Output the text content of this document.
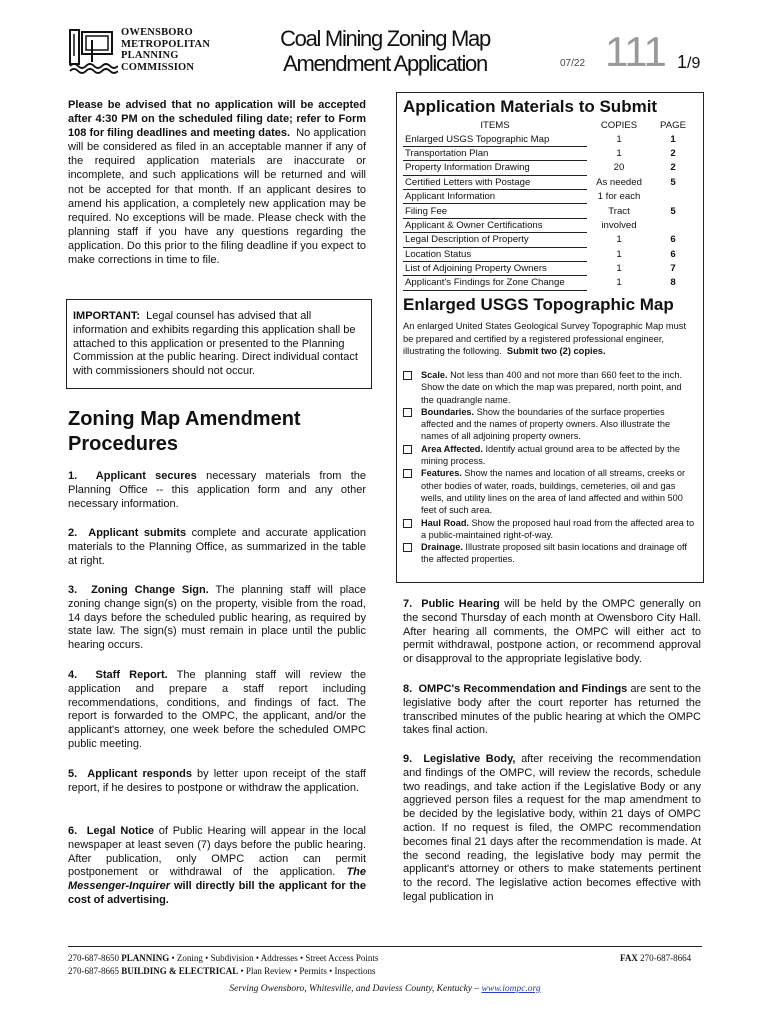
OWENSBORO
METROPOLITAN
PLANNING
COMMISSION
Coal Mining Zoning Map
Amendment Application	07/22 111 1/9
Please be advised that no application will be accepted after 4:30 PM on the scheduled filing date; refer to Form 108 for filing deadlines and meeting dates. No application will be considered as filed in an acceptable manner if any of the required application materials are inaccurate or incomplete, and such applications will be returned and will not be accepted for that month. If an applicant desires to amend his application, a completely new application may be required. No exceptions will be made. Please check with the planning staff if you have any questions regarding the application. Do this prior to the filing deadline if you expect to make corrections in time to file.
IMPORTANT: Legal counsel has advised that all information and exhibits regarding this application shall be attached to this application or presented to the Planning Commission at the public hearing. Direct individual contact with commissioners should not occur.
Zoning Map Amendment
Procedures
1. Applicant secures necessary materials from the Planning Office -- this application form and any other necessary information.
2. Applicant submits complete and accurate application materials to the Planning Office, as summarized in the table at right.
3. Zoning Change Sign. The planning staff will place zoning change sign(s) on the property, visible from the road, 14 days before the scheduled public hearing, as required by state law. The sign(s) must remain in place until the public hearing occurs.
4. Staff Report. The planning staff will review the application and prepare a staff report including recommendations, conditions, and findings of fact. The report is forwarded to the OMPC, the applicant, and/or the applicant's attorney, one week before the scheduled OMPC public meeting.
5. Applicant responds by letter upon receipt of the staff report, if he desires to postpone or withdraw the application.
6. Legal Notice of Public Hearing will appear in the local newspaper at least seven (7) days before the public hearing. After publication, only OMPC action can permit postponement or withdrawal of the application. The Messenger-Inquirer will directly bill the applicant for the cost of advertising.
Application Materials to Submit
ITEMS	COPIES	PAGE
Enlarged USGS Topographic Map	1	1
Transportation Plan	1	2
Property Information Drawing	20	2
Certified Letters with Postage	As needed	5
Applicant Information	1 for each	
Filing Fee	Tract	5
Applicant & Owner Certifications	involved	
Legal Description of Property	1	6
Location Status	1	6
List of Adjoining Property Owners	1	7
Applicant's Findings for Zone Change	1	8
Enlarged USGS Topographic Map
An enlarged United States Geological Survey Topographic Map must be prepared and certified by a registered professional engineer, illustrating the following. Submit two (2) copies.
Scale. Not less than 400 and not more than 660 feet to the inch. Show the date on which the map was prepared, north point, and the quadrangle name.
Boundaries. Show the boundaries of the surface properties affected and the names of property owners. Also illustrate the names of all adjoining property owners.
Area Affected. Identify actual ground area to be affected by the mining process.
Features. Show the names and location of all streams, creeks or other bodies of water, roads, buildings, cemeteries, oil and gas wells, and utility lines on the area of land affected and within 500 feet of such area.
Haul Road. Show the proposed haul road from the affected area to a public-maintained right-of-way.
Drainage. Illustrate proposed silt basin locations and drainage off the affected properties.
7. Public Hearing will be held by the OMPC generally on the second Thursday of each month at Owensboro City Hall. After hearing all comments, the OMPC will either act to permit withdrawal, postpone action, or recommend approval or disapproval to the appropriate legislative body.
8. OMPC's Recommendation and Findings are sent to the legislative body after the court reporter has returned the transcribed minutes of the public hearing at which the OMPC takes final action.
9. Legislative Body, after receiving the recommendation and findings of the OMPC, will review the records, schedule two readings, and take action if the Legislative Body or any aggrieved person files a request for the map amendment to be decided by the legislative body, within 21 days of OMPC action. If no request is filed, the OMPC recommendation becomes final 21 days after the recommendation is made. At the second reading, the legislative body may permit the applicant's attorney or others to make statements pertinent to the record. The legislative action becomes effective with legal publication in
270-687-8650 PLANNING • Zoning • Subdivision • Addresses • Street Access Points
270-687-8665 BUILDING & ELECTRICAL • Plan Review • Permits • Inspections
FAX 270-687-8664
Serving Owensboro, Whitesville, and Daviess County, Kentucky – www.iompc.org
